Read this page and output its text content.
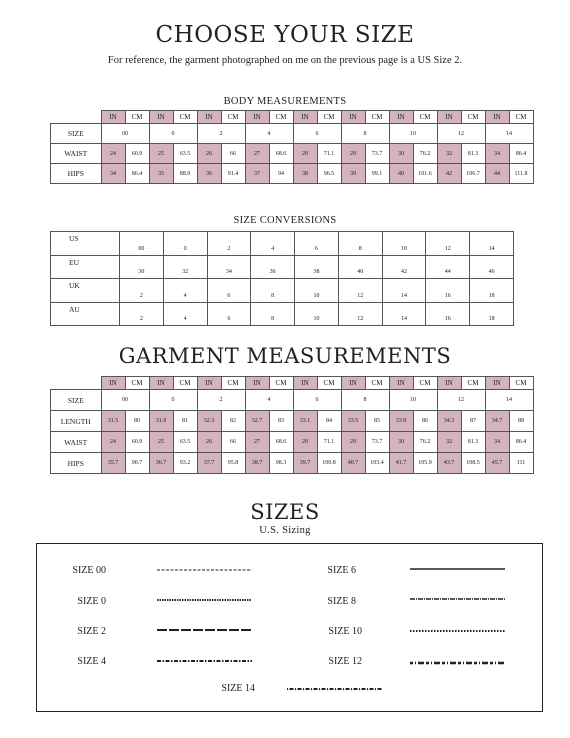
CHOOSE YOUR SIZE
For reference, the garment photographed on me on the previous page is a US Size 2.
BODY MEASUREMENTS
	IN	CM	IN	CM	IN	CM	IN	CM	IN	CM	IN	CM	IN	CM	IN	CM	IN	CM
SIZE	00		0		2		4		6		8		10		12		14	
WAIST	24	60.9	25	63.5	26	66	27	68.6	28	71.1	29	73.7	30	76.2	32	81.3	34	86.4
HIPS	34	86.4	35	88.9	36	91.4	37	94	38	96.5	39	99.1	40	101.6	42	106.7	44	111.8
SIZE CONVERSIONS
US	00	0	2	4	6	8	10	12	14
EU	30	32	34	36	38	40	42	44	46
UK	2	4	6	8	10	12	14	16	18
AU	2	4	6	8	10	12	14	16	18
GARMENT MEASUREMENTS
	IN	CM	IN	CM	IN	CM	IN	CM	IN	CM	IN	CM	IN	CM	IN	CM	IN	CM
SIZE	00		0		2		4		6		8		10		12		14	
LENGTH	31.5	80	31.9	81	32.3	82	32.7	83	33.1	84	33.5	85	33.9	86	34.3	87	34.7	88
WAIST	24	60.9	25	63.5	26	66	27	68.6	28	71.1	29	73.7	30	76.2	32	81.3	34	86.4
HIPS	35.7	90.7	36.7	93.2	37.7	95.8	38.7	98.3	39.7	100.8	40.7	103.4	41.7	105.9	43.7	108.5	45.7	111
SIZES
U.S. Sizing
SIZE 00
SIZE 0
SIZE 2
SIZE 4
SIZE 6
SIZE 8
SIZE 10
SIZE 12
SIZE 14
